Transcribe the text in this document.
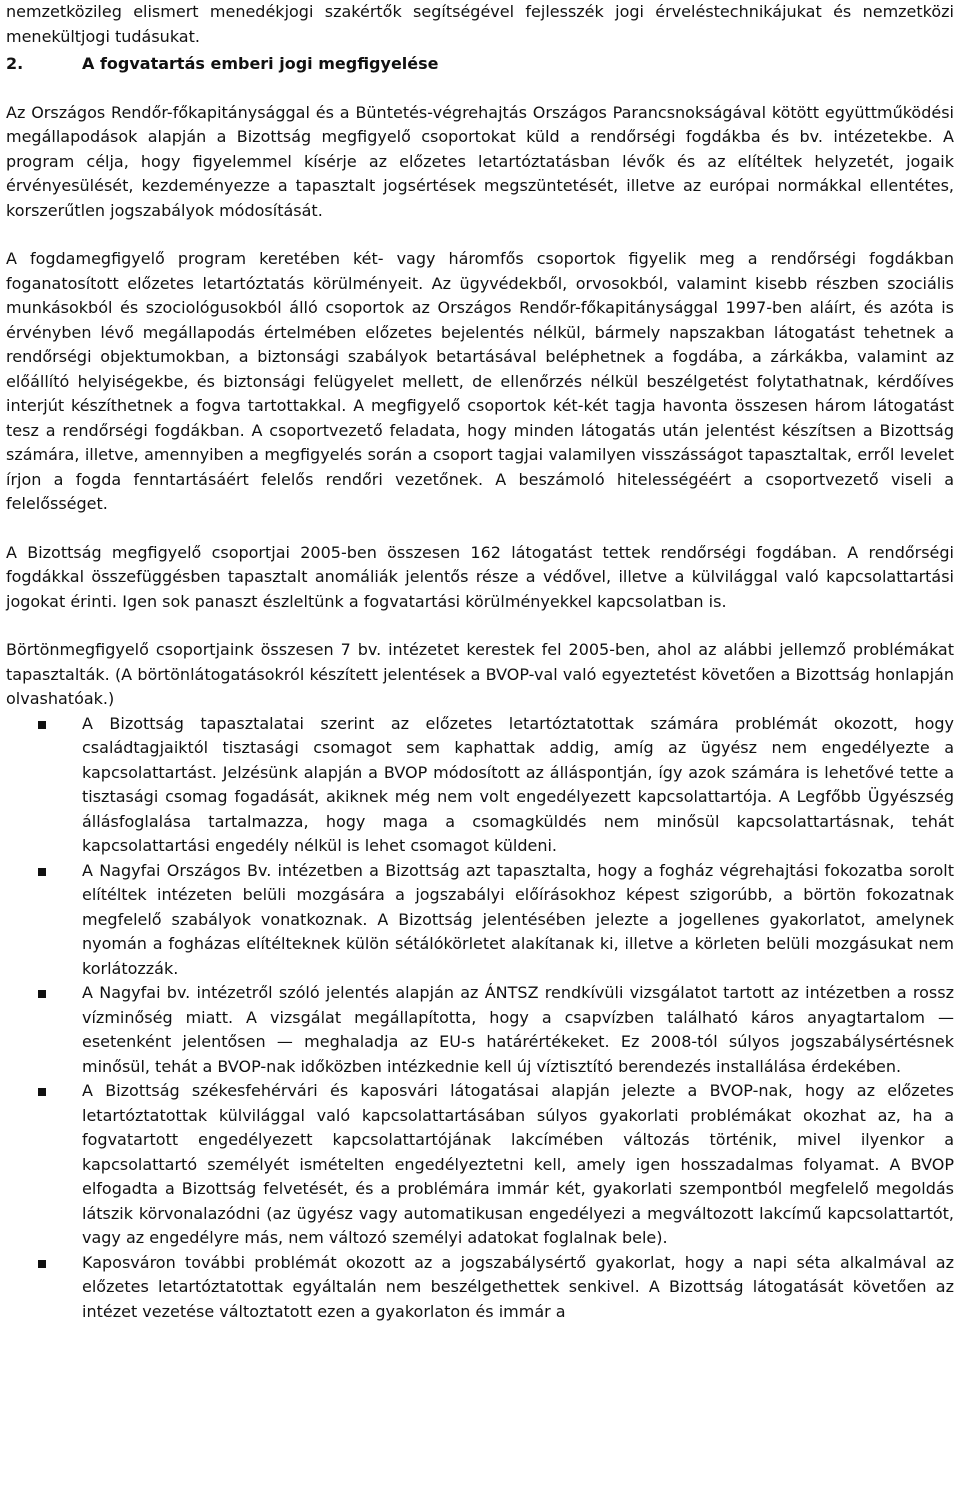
nemzetközileg elismert menedékjogi szakértők segítségével fejlesszék jogi érveléstechnikájukat és nemzetközi menekültjogi tudásukat.

2.	A fogvatartás emberi jogi megfigyelése

Az Országos Rendőr-főkapitánysággal és a Büntetés-végrehajtás Országos Parancsnokságával kötött együttműködési megállapodások alapján a Bizottság megfigyelő csoportokat küld a rendőrségi fogdákba és bv. intézetekbe. A program célja, hogy figyelemmel kísérje az előzetes letartóztatásban lévők és az elítéltek helyzetét, jogaik érvényesülését, kezdeményezze a tapasztalt jogsértések megszüntetését, illetve az európai normákkal ellentétes, korszerűtlen jogszabályok módosítását.

A fogdamegfigyelő program keretében két- vagy háromfős csoportok figyelik meg a rendőrségi fogdákban foganatosított előzetes letartóztatás körülményeit. Az ügyvédekből, orvosokból, valamint kisebb részben szociális munkásokból és szociológusokból álló csoportok az Országos Rendőr-főkapitánysággal 1997-ben aláírt, és azóta is érvényben lévő megállapodás értelmében előzetes bejelentés nélkül, bármely napszakban látogatást tehetnek a rendőrségi objektumokban, a biztonsági szabályok betartásával beléphetnek a fogdába, a zárkákba, valamint az előállító helyiségekbe, és biztonsági felügyelet mellett, de ellenőrzés nélkül beszélgetést folytathatnak, kérdőíves interjút készíthetnek a fogva tartottakkal. A megfigyelő csoportok két-két tagja havonta összesen három látogatást tesz a rendőrségi fogdákban. A csoportvezető feladata, hogy minden látogatás után jelentést készítsen a Bizottság számára, illetve, amennyiben a megfigyelés során a csoport tagjai valamilyen visszásságot tapasztaltak, erről levelet írjon a fogda fenntartásáért felelős rendőri vezetőnek. A beszámoló hitelességéért a csoportvezető viseli a felelősséget.

A Bizottság megfigyelő csoportjai 2005-ben összesen 162 látogatást tettek rendőrségi fogdában. A rendőrségi fogdákkal összefüggésben tapasztalt anomáliák jelentős része a védővel, illetve a külvilággal való kapcsolattartási jogokat érinti. Igen sok panaszt észleltünk a fogvatartási körülményekkel kapcsolatban is.

Börtönmegfigyelő csoportjaink összesen 7 bv. intézetet kerestek fel 2005-ben, ahol az alábbi jellemző problémákat tapasztalták. (A börtönlátogatásokról készített jelentések a BVOP-val való egyeztetést követően a Bizottság honlapján olvashatóak.)

A Bizottság tapasztalatai szerint az előzetes letartóztatottak számára problémát okozott, hogy családtagjaiktól tisztasági csomagot sem kaphattak addig, amíg az ügyész nem engedélyezte a kapcsolattartást. Jelzésünk alapján a BVOP módosított az álláspontján, így azok számára is lehetővé tette a tisztasági csomag fogadását, akiknek még nem volt engedélyezett kapcsolattartója. A Legfőbb Ügyészség állásfoglalása tartalmazza, hogy maga a csomagküldés nem minősül kapcsolattartásnak, tehát kapcsolattartási engedély nélkül is lehet csomagot küldeni.

A Nagyfai Országos Bv. intézetben a Bizottság azt tapasztalta, hogy a fogház végrehajtási fokozatba sorolt elítéltek intézeten belüli mozgására a jogszabályi előírásokhoz képest szigorúbb, a börtön fokozatnak megfelelő szabályok vonatkoznak. A Bizottság jelentésében jelezte a jogellenes gyakorlatot, amelynek nyomán a fogházas elítélteknek külön sétálókörletet alakítanak ki, illetve a körleten belüli mozgásukat nem korlátozzák.

A Nagyfai bv. intézetről szóló jelentés alapján az ÁNTSZ rendkívüli vizsgálatot tartott az intézetben a rossz vízminőség miatt. A vizsgálat megállapította, hogy a csapvízben található káros anyagtartalom — esetenként jelentősen — meghaladja az EU-s határértékeket. Ez 2008-tól súlyos jogszabálysértésnek minősül, tehát a BVOP-nak időközben intézkednie kell új víztisztító berendezés installálása érdekében.

A Bizottság székesfehérvári és kaposvári látogatásai alapján jelezte a BVOP-nak, hogy az előzetes letartóztatottak külvilággal való kapcsolattartásában súlyos gyakorlati problémákat okozhat az, ha a fogvatartott engedélyezett kapcsolattartójának lakcímében változás történik, mivel ilyenkor a kapcsolattartó személyét ismételten engedélyeztetni kell, amely igen hosszadalmas folyamat. A BVOP elfogadta a Bizottság felvetését, és a problémára immár két, gyakorlati szempontból megfelelő megoldás látszik körvonalazódni (az ügyész vagy automatikusan engedélyezi a megváltozott lakcímű kapcsolattartót, vagy az engedélyre más, nem változó személyi adatokat foglalnak bele).

Kaposváron további problémát okozott az a jogszabálysértő gyakorlat, hogy a napi séta alkalmával az előzetes letartóztatottak egyáltalán nem beszélgethettek senkivel. A Bizottság látogatását követően az intézet vezetése változtatott ezen a gyakorlaton és immár a
